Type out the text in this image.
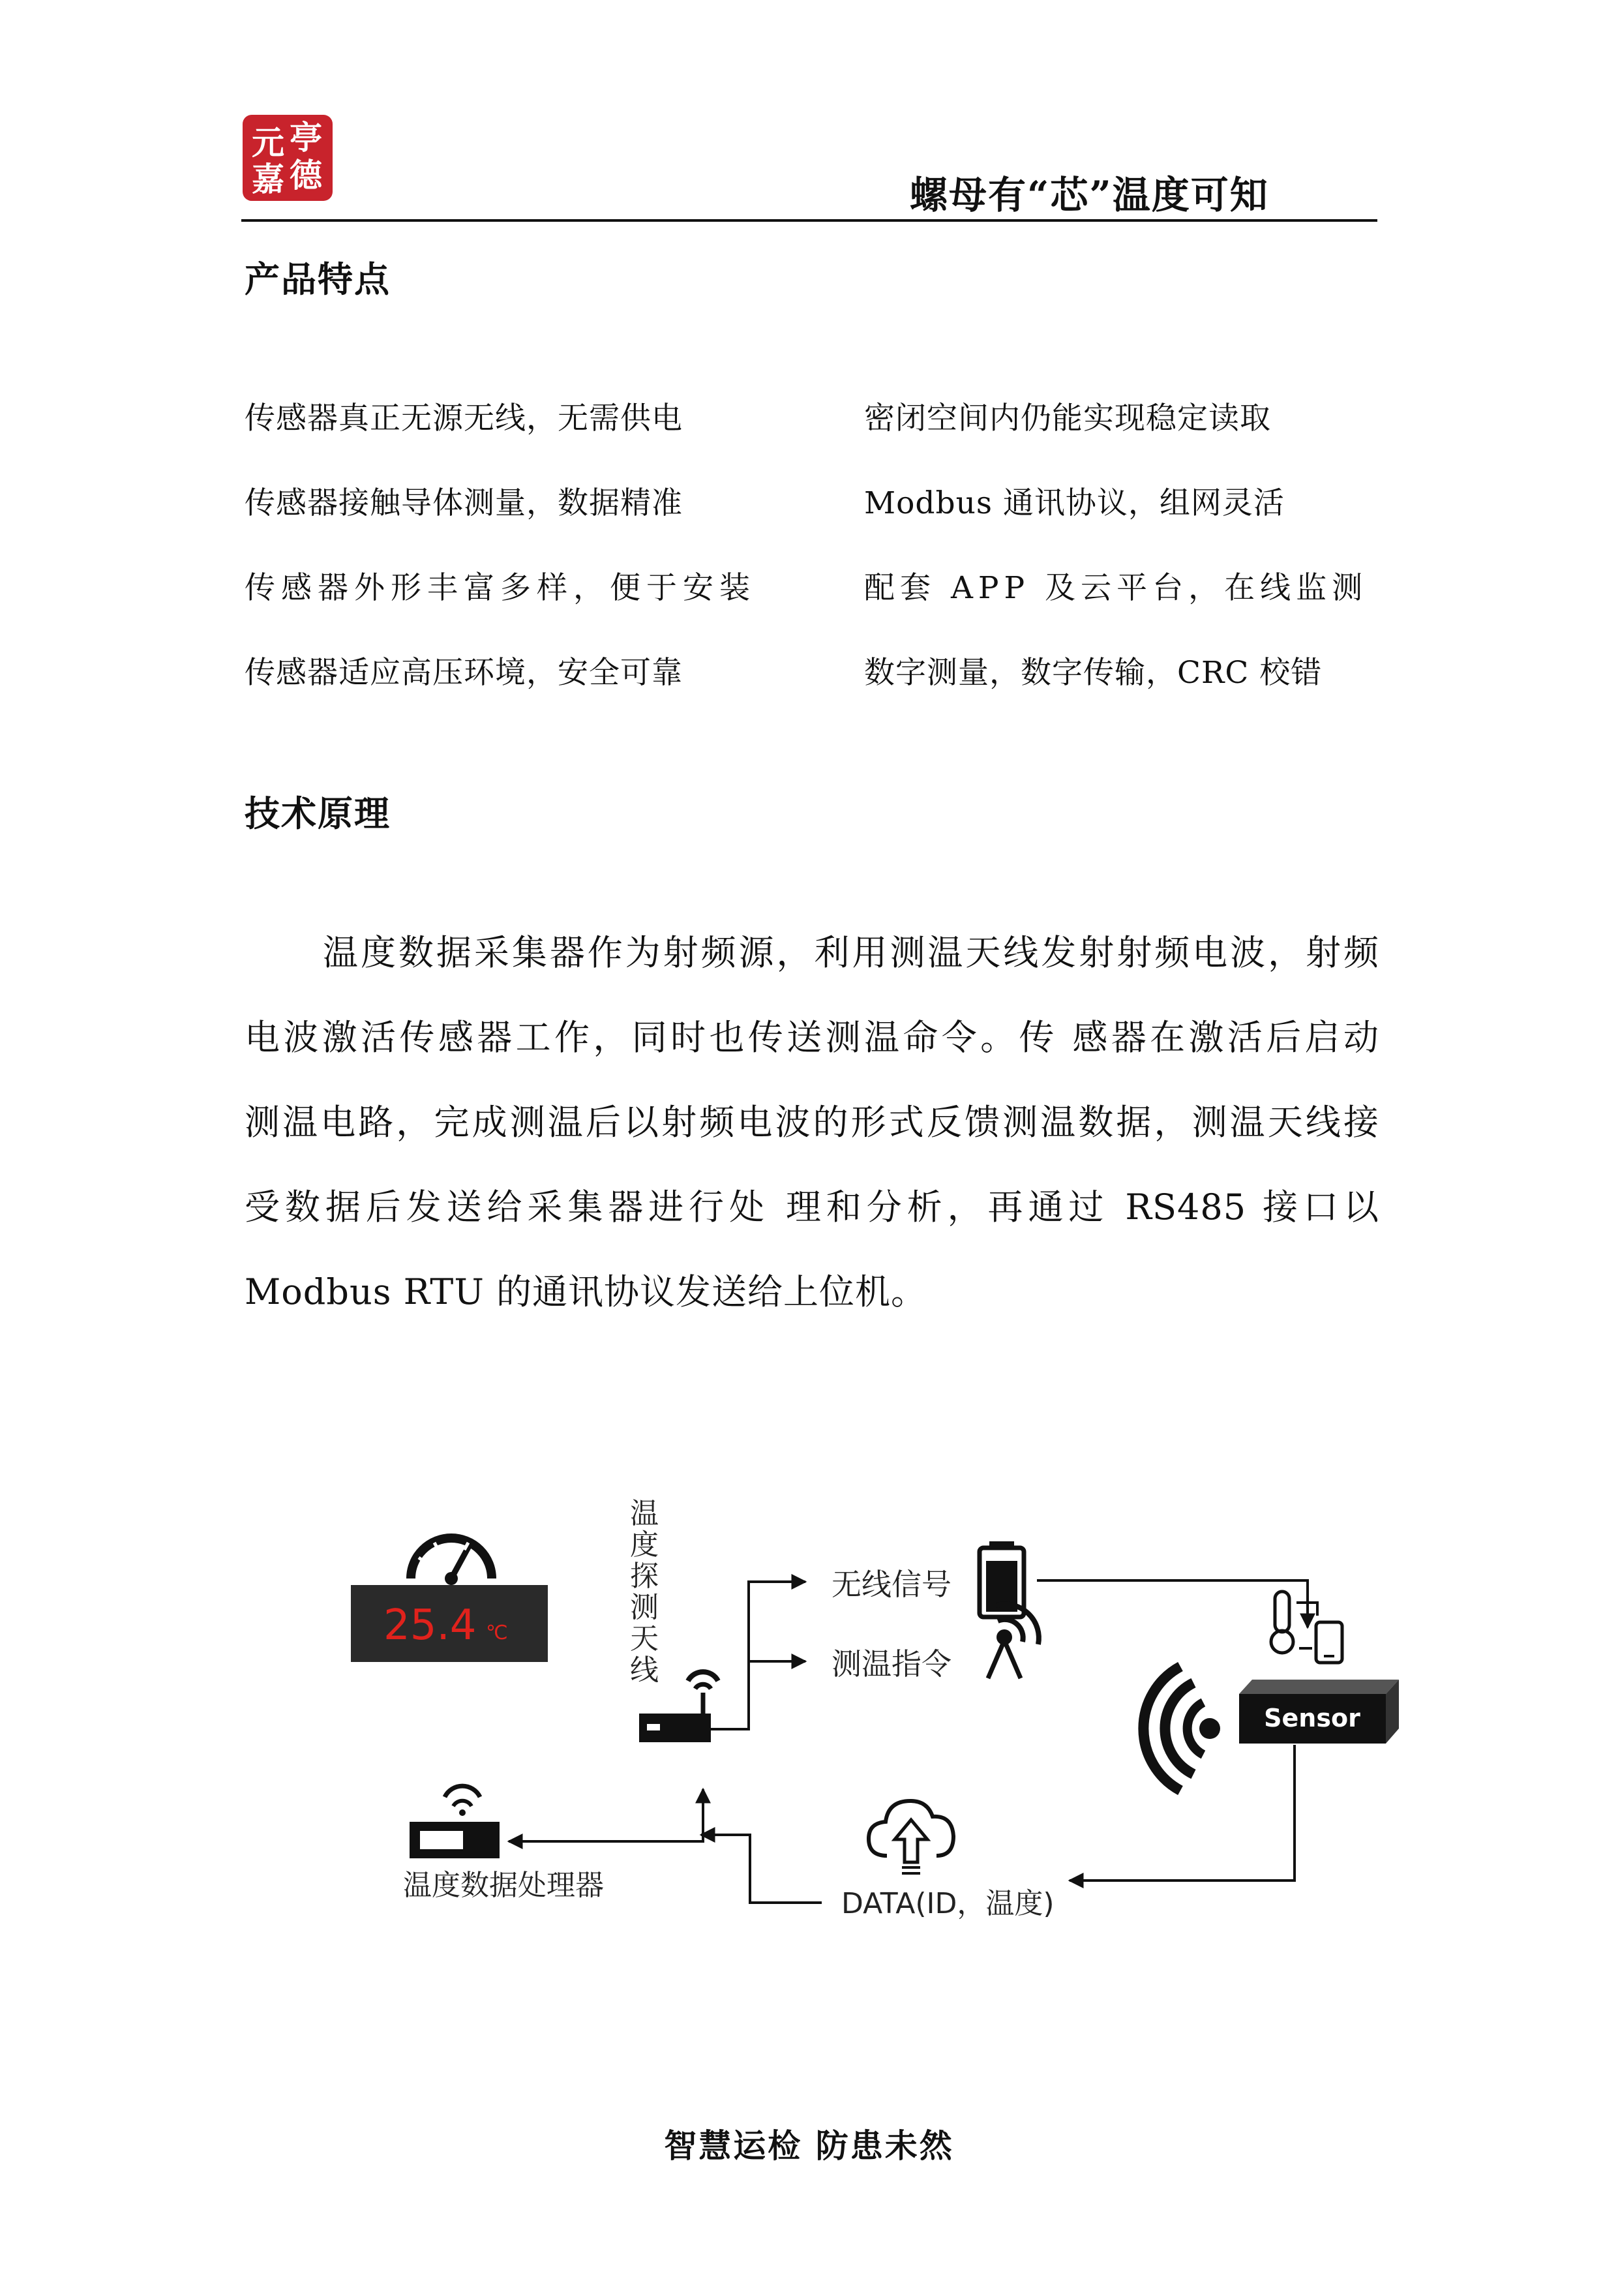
元 亭
嘉 德	螺母有“芯”温度可知
产品特点
传感器真正无源无线，无需供电
传感器接触导体测量，数据精准
传感器外形丰富多样，便于安装
传感器适应高压环境，安全可靠
密闭空间内仍能实现稳定读取
Modbus 通讯协议，组网灵活
配套 APP 及云平台，在线监测
数字测量，数字传输，CRC 校错
技术原理
温度数据采集器作为射频源，利用测温天线发射射频电波，射频
电波激活传感器工作，同时也传送测温命令。传 感器在激活后启动
测温电路，完成测温后以射频电波的形式反馈测温数据，测温天线接
受数据后发送给采集器进行处 理和分析，再通过 RS485 接口以
Modbus RTU 的通讯协议发送给上位机。
25.4 ℃
温
度
探
测
天
线
无线信号
测温指令
Sensor
DATA(ID，温度)
温度数据处理器
智慧运检 防患未然
